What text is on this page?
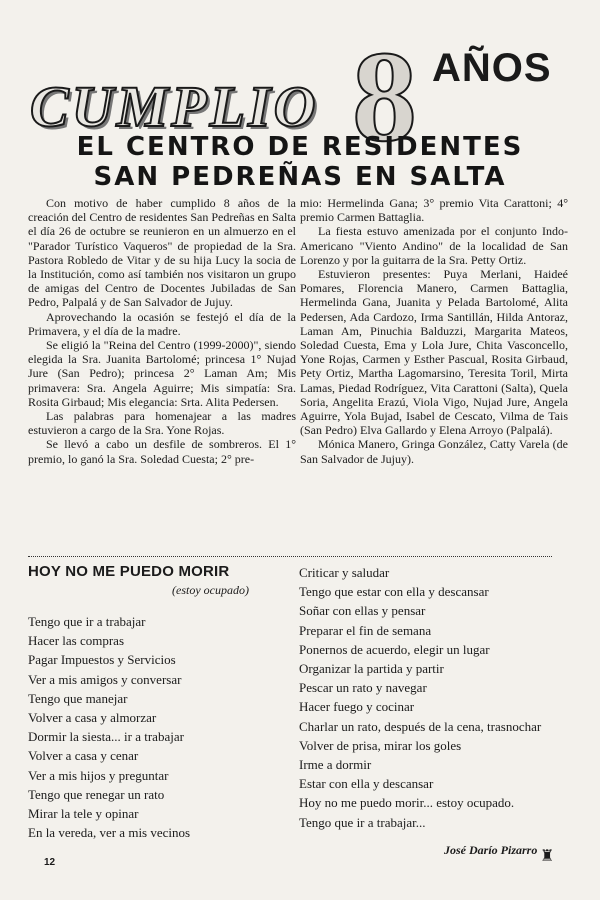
8
CUMPLIO
AÑOS
EL CENTRO DE RESIDENTES
SAN PEDREÑAS EN SALTA

Con motivo de haber cumplido 8 años de la creación del Centro de residentes San Pedreñas en Salta el día 26 de octubre se reunieron en un almuerzo en el "Parador Turístico Vaqueros" de propiedad de la Sra. Pastora Robledo de Vitar y de su hija Lucy la socia de la Institución, como así también nos visitaron un grupo de amigas del Centro de Docentes Jubiladas de San Pedro, Palpalá y de San Salvador de Jujuy.

Aprovechando la ocasión se festejó el día de la Primavera, y el día de la madre.

Se eligió la "Reina del Centro (1999-2000)", siendo elegida la Sra. Juanita Bartolomé; princesa 1° Nujad Jure (San Pedro); princesa 2° Laman Am; Mis primavera: Sra. Angela Aguirre; Mis simpatía: Sra. Rosita Girbaud; Mis elegancia: Srta. Alita Pedersen.

Las palabras para homenajear a las madres estuvieron a cargo de la Sra. Yone Rojas.

Se llevó a cabo un desfile de sombreros. El 1° premio, lo ganó la Sra. Soledad Cuesta; 2° pre-

mio: Hermelinda Gana; 3° premio Vita Carattoni; 4° premio Carmen Battaglia.

La fiesta estuvo amenizada por el conjunto Indo-Americano "Viento Andino" de la localidad de San Lorenzo y por la guitarra de la Sra. Petty Ortiz.

Estuvieron presentes: Puya Merlani, Haideé Pomares, Florencia Manero, Carmen Battaglia, Hermelinda Gana, Juanita y Pelada Bartolomé, Alita Pedersen, Ada Cardozo, Irma Santillán, Hilda Antoraz, Laman Am, Pinuchia Balduzzi, Margarita Mateos, Soledad Cuesta, Ema y Lola Jure, Chita Vasconcello, Yone Rojas, Carmen y Esther Pascual, Rosita Girbaud, Pety Ortiz, Martha Lagomarsino, Teresita Toril, Mirta Lamas, Piedad Rodríguez, Vita Carattoni (Salta), Quela Soria, Angelita Erazú, Viola Vigo, Nujad Jure, Angela Aguirre, Yola Bujad, Isabel de Cescato, Vilma de Tais (San Pedro) Elva Gallardo y Elena Arroyo (Palpalá).

Mónica Manero, Gringa González, Catty Varela (de San Salvador de Jujuy).

HOY NO ME PUEDO MORIR
(estoy ocupado)
Tengo que ir a trabajar
Hacer las compras
Pagar Impuestos y Servicios
Ver a mis amigos y conversar
Tengo que manejar
Volver a casa y almorzar
Dormir la siesta... ir a trabajar
Volver a casa y cenar
Ver a mis hijos y preguntar
Tengo que renegar un rato
Mirar la tele y opinar
En la vereda, ver a mis vecinos
Criticar y saludar
Tengo que estar con ella y descansar
Soñar con ellas y pensar
Preparar el fin de semana
Ponernos de acuerdo, elegir un lugar
Organizar la partida y partir
Pescar un rato y navegar
Hacer fuego y cocinar
Charlar un rato, después de la cena, trasnochar
Volver de prisa, mirar los goles
Irme a dormir
Estar con ella y descansar
Hoy no me puedo morir... estoy ocupado.
Tengo que ir a trabajar...
José Darío Pizarro
12	♜
